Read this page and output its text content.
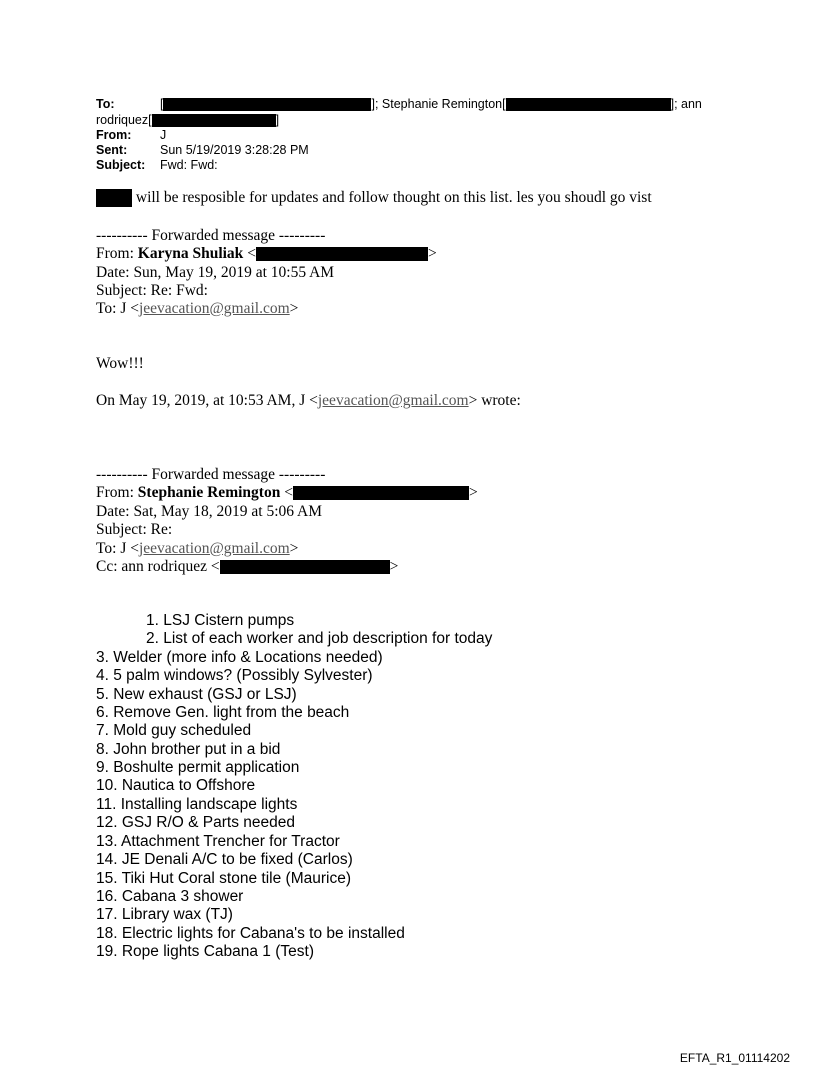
To:	[	]; Stephanie Remington[	]; ann
rodriquez[	]
From: J
Sent:	Sun 5/19/2019 3:28:28 PM
Subject: Fwd: Fwd:
will be resposible for updates and follow thought on this list. les you shoudl go vist
---------- Forwarded message ---------
From: Karyna Shuliak <	>
Date: Sun, May 19, 2019 at 10:55 AM
Subject: Re: Fwd:
To: J <jeevacation@gmail.com>
Wow!!!
On May 19, 2019, at 10:53 AM, J <jeevacation@gmail.com> wrote:
---------- Forwarded message ---------
From: Stephanie Remington <	>
Date: Sat, May 18, 2019 at 5:06 AM
Subject: Re:
To: J <jeevacation@gmail.com>
Cc: ann rodriquez <	>
1. LSJ Cistern pumps
2. List of each worker and job description for today
3. Welder (more info & Locations needed)
4. 5 palm windows? (Possibly Sylvester)
5. New exhaust (GSJ or LSJ)
6. Remove Gen. light from the beach
7. Mold guy scheduled
8. John brother put in a bid
9. Boshulte permit application
10. Nautica to Offshore
11. Installing landscape lights
12. GSJ R/O & Parts needed
13. Attachment Trencher for Tractor
14. JE Denali A/C to be fixed (Carlos)
15. Tiki Hut Coral stone tile (Maurice)
16. Cabana 3 shower
17. Library wax (TJ)
18. Electric lights for Cabana's to be installed
19. Rope lights Cabana 1 (Test)
EFTA_R1_01114202
